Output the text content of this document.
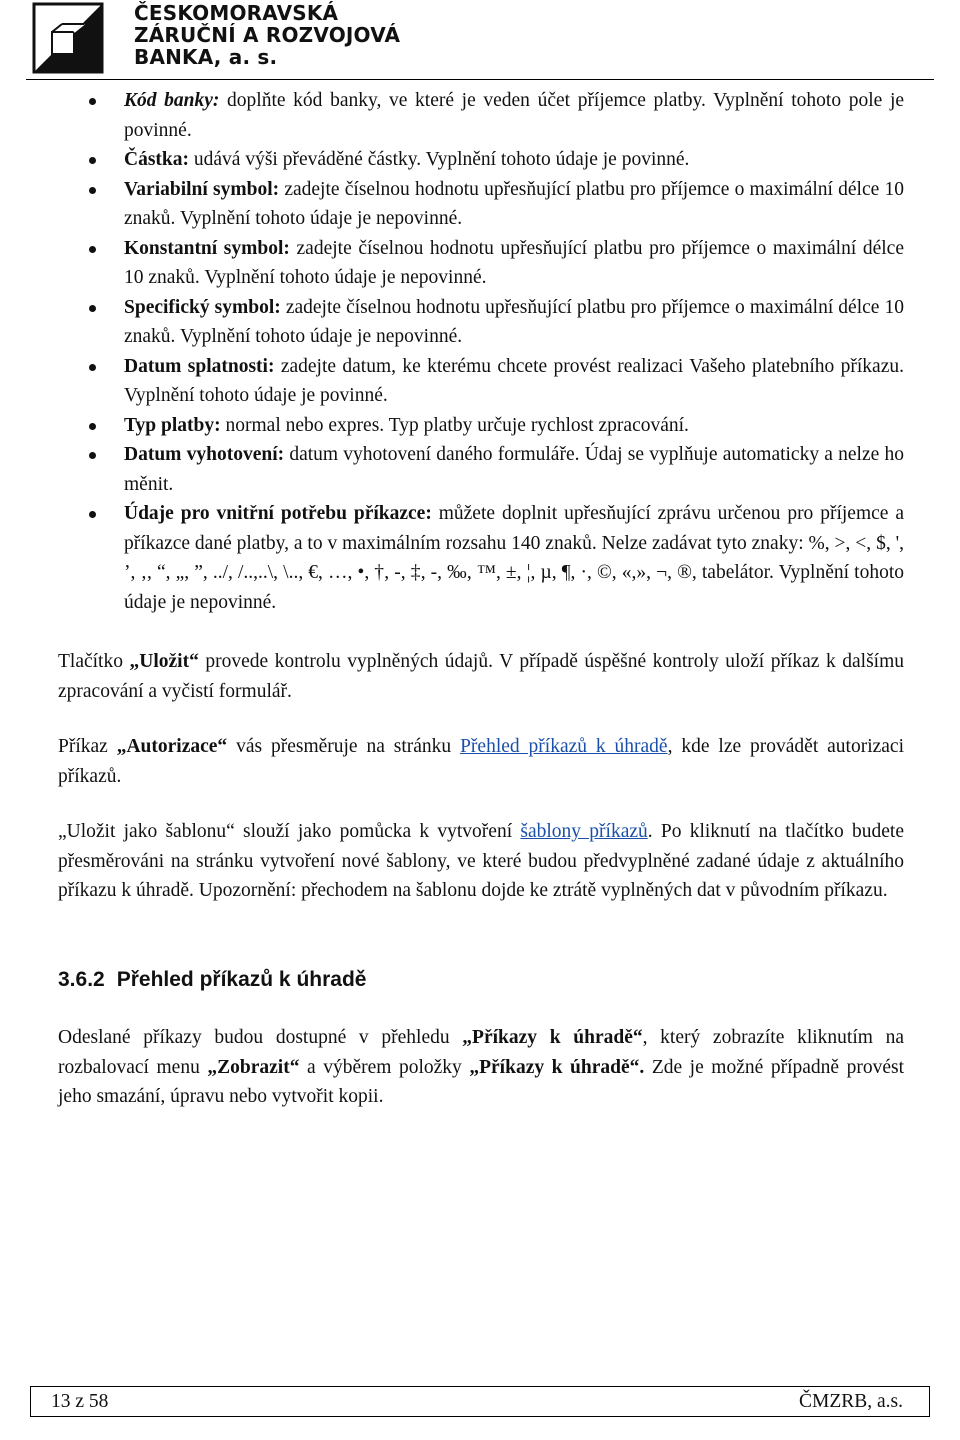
ČESKOMORAVSKÁ
ZÁRUČNÍ A ROZVOJOVÁ
BANKA, a. s.
Kód banky: doplňte kód banky, ve které je veden účet příjemce platby. Vyplnění tohoto pole je povinné.
Částka: udává výši převáděné částky. Vyplnění tohoto údaje je povinné.
Variabilní symbol: zadejte číselnou hodnotu upřesňující platbu pro příjemce o maximální délce 10 znaků. Vyplnění tohoto údaje je nepovinné.
Konstantní symbol: zadejte číselnou hodnotu upřesňující platbu pro příjemce o maximální délce 10 znaků. Vyplnění tohoto údaje je nepovinné.
Specifický symbol: zadejte číselnou hodnotu upřesňující platbu pro příjemce o maximální délce 10 znaků. Vyplnění tohoto údaje je nepovinné.
Datum splatnosti: zadejte datum, ke kterému chcete provést realizaci Vašeho platebního příkazu. Vyplnění tohoto údaje je povinné.
Typ platby: normal nebo expres. Typ platby určuje rychlost zpracování.
Datum vyhotovení: datum vyhotovení daného formuláře. Údaj se vyplňuje automaticky a nelze ho měnit.
Údaje pro vnitřní potřebu příkazce: můžete doplnit upřesňující zprávu určenou pro příjemce a příkazce dané platby, a to v maximálním rozsahu 140 znaků. Nelze zadávat tyto znaky: %, >, <, $, ', ’, ‚, “, „, ”, ../, /..,..\, \.., €, …, •, †, -, ‡, -, ‰, ™, ±, ¦, µ, ¶, ·, ©, «,», ¬, ®, tabelátor. Vyplnění tohoto údaje je nepovinné.

Tlačítko „Uložit“ provede kontrolu vyplněných údajů. V případě úspěšné kontroly uloží příkaz k dalšímu zpracování a vyčistí formulář.

Příkaz „Autorizace“ vás přesměruje na stránku Přehled příkazů k úhradě, kde lze provádět autorizaci příkazů.

„Uložit jako šablonu“ slouží jako pomůcka k vytvoření šablony příkazů. Po kliknutí na tlačítko budete přesměrováni na stránku vytvoření nové šablony, ve které budou předvyplněné zadané údaje z aktuálního příkazu k úhradě. Upozornění: přechodem na šablonu dojde ke ztrátě vyplněných dat v původním příkazu.

3.6.2 Přehled příkazů k úhradě

Odeslané příkazy budou dostupné v přehledu „Příkazy k úhradě“, který zobrazíte kliknutím na rozbalovací menu „Zobrazit“ a výběrem položky „Příkazy k úhradě“. Zde je možné případně provést jeho smazání, úpravu nebo vytvořit kopii.

13 z 58	ČMZRB, a.s.
